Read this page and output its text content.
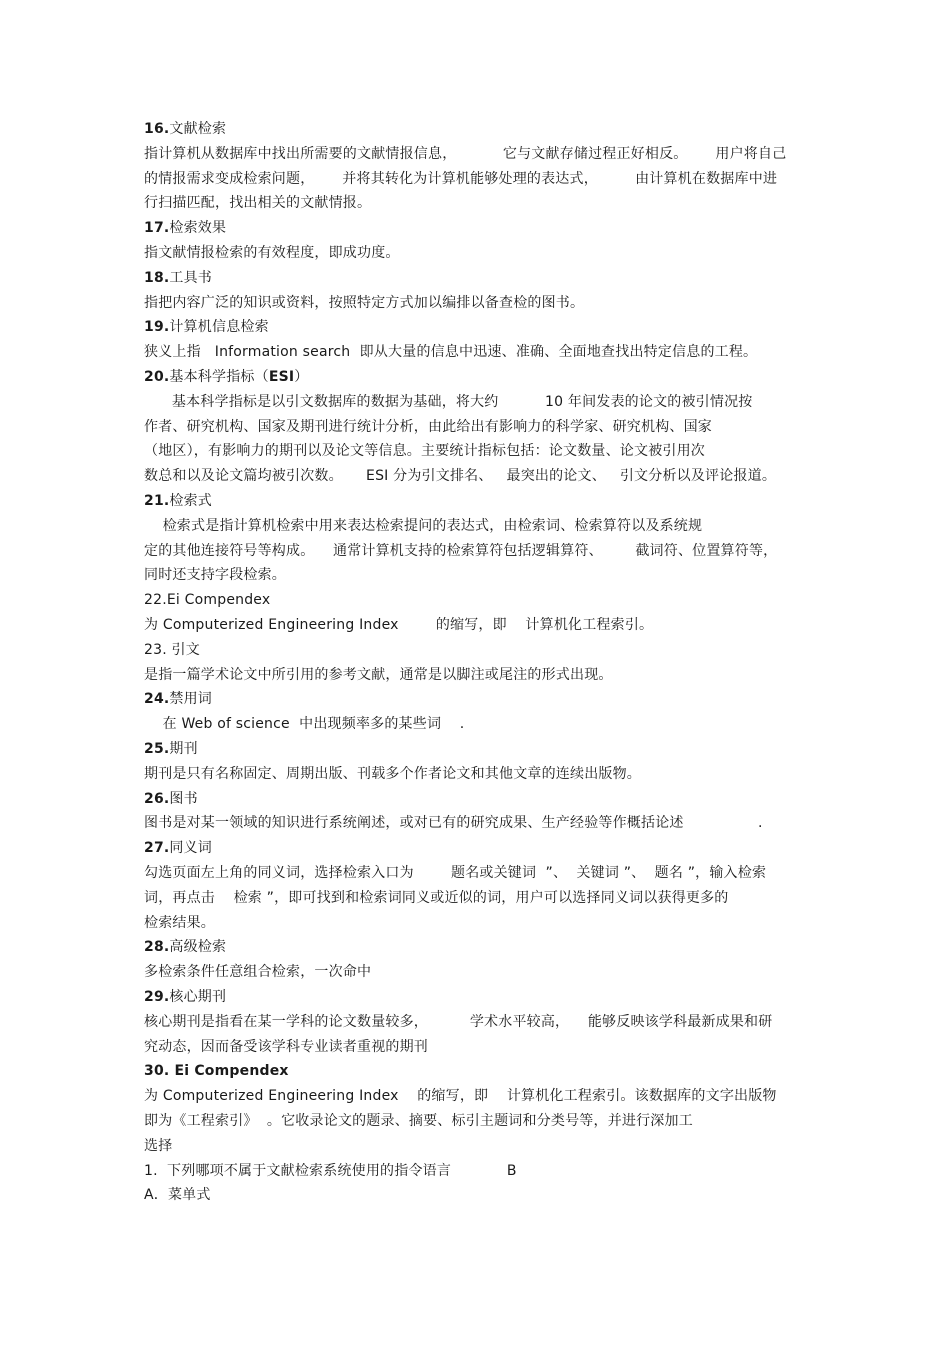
16.文献检索
指计算机从数据库中找出所需要的文献情报信息，          它与文献存储过程正好相反。      用户将自己
的情报需求变成检索问题，      并将其转化为计算机能够处理的表达式，        由计算机在数据库中进
行扫描匹配，找出相关的文献情报。
17.检索效果
指文献情报检索的有效程度，即成功度。
18.工具书
指把内容广泛的知识或资料，按照特定方式加以编排以备查检的图书。
19.计算机信息检索
狭义上指   Information search  即从大量的信息中迅速、准确、全面地查找出特定信息的工程。
20.基本科学指标（ESI）
基本科学指标是以引文数据库的数据为基础，将大约          10 年间发表的论文的被引情况按
作者、研究机构、国家及期刊进行统计分析，由此给出有影响力的科学家、研究机构、国家
（地区），有影响力的期刊以及论文等信息。主要统计指标包括：论文数量、论文被引用次
数总和以及论文篇均被引次数。     ESI 分为引文排名、   最突出的论文、   引文分析以及评论报道。
21.检索式
检索式是指计算机检索中用来表达检索提问的表达式，由检索词、检索算符以及系统规
定的其他连接符号等构成。    通常计算机支持的检索算符包括逻辑算符、       截词符、位置算符等，
同时还支持字段检索。
22.Ei Compendex
为 Computerized Engineering Index        的缩写，即    计算机化工程索引。
23. 引文
是指一篇学术论文中所引用的参考文献，通常是以脚注或尾注的形式出现。
24.禁用词
在 Web of science  中出现频率多的某些词    .
25.期刊
期刊是只有名称固定、周期出版、刊载多个作者论文和其他文章的连续出版物。
26.图书
图书是对某一领域的知识进行系统阐述，或对已有的研究成果、生产经验等作概括论述                .
27.同义词
勾选页面左上角的同义词，选择检索入口为        题名或关键词  ”、  关键词 ”、  题名 ”，输入检索
词，再点击    检索 ”，即可找到和检索词同义或近似的词，用户可以选择同义词以获得更多的
检索结果。
28.高级检索
多检索条件任意组合检索，一次命中
29.核心期刊
核心期刊是指看在某一学科的论文数量较多，         学术水平较高，    能够反映该学科最新成果和研
究动态，因而备受该学科专业读者重视的期刊
30. Ei Compendex
为 Computerized Engineering Index    的缩写，即    计算机化工程索引。该数据库的文字出版物
即为《工程索引》  。它收录论文的题录、摘要、标引主题词和分类号等，并进行深加工
选择
1.  下列哪项不属于文献检索系统使用的指令语言            B
A．菜单式
